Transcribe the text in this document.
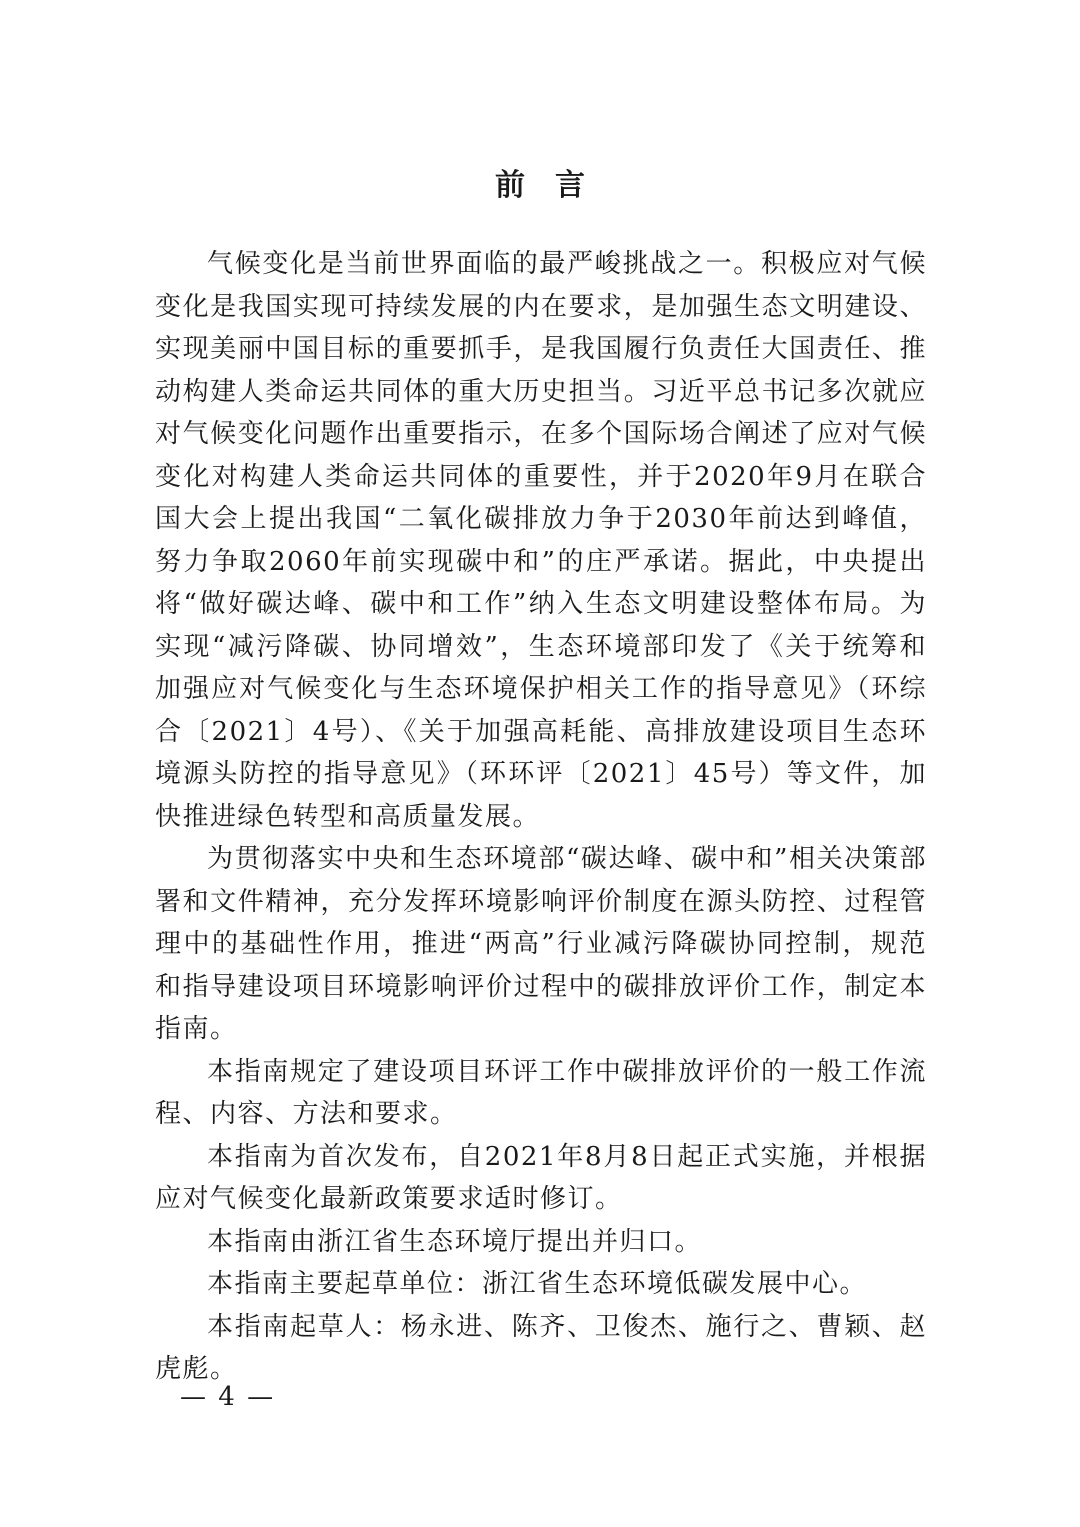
前言

气候变化是当前世界面临的最严峻挑战之一。积极应对气候变化是我国实现可持续发展的内在要求，是加强生态文明建设、实现美丽中国目标的重要抓手，是我国履行负责任大国责任、推动构建人类命运共同体的重大历史担当。习近平总书记多次就应对气候变化问题作出重要指示，在多个国际场合阐述了应对气候变化对构建人类命运共同体的重要性，并于2020年9月在联合国大会上提出我国“二氧化碳排放力争于2030年前达到峰值，努力争取2060年前实现碳中和”的庄严承诺。据此，中央提出将“做好碳达峰、碳中和工作”纳入生态文明建设整体布局。为实现“减污降碳、协同增效”，生态环境部印发了《关于统筹和加强应对气候变化与生态环境保护相关工作的指导意见》（环综合〔2021〕4号）、《关于加强高耗能、高排放建设项目生态环境源头防控的指导意见》（环环评〔2021〕45号）等文件，加快推进绿色转型和高质量发展。

为贯彻落实中央和生态环境部“碳达峰、碳中和”相关决策部署和文件精神，充分发挥环境影响评价制度在源头防控、过程管理中的基础性作用，推进“两高”行业减污降碳协同控制，规范和指导建设项目环境影响评价过程中的碳排放评价工作，制定本指南。

本指南规定了建设项目环评工作中碳排放评价的一般工作流程、内容、方法和要求。

本指南为首次发布，自2021年8月8日起正式实施，并根据应对气候变化最新政策要求适时修订。

本指南由浙江省生态环境厅提出并归口。

本指南主要起草单位：浙江省生态环境低碳发展中心。

本指南起草人：杨永进、陈齐、卫俊杰、施行之、曹颖、赵虎彪。

— 4 —
